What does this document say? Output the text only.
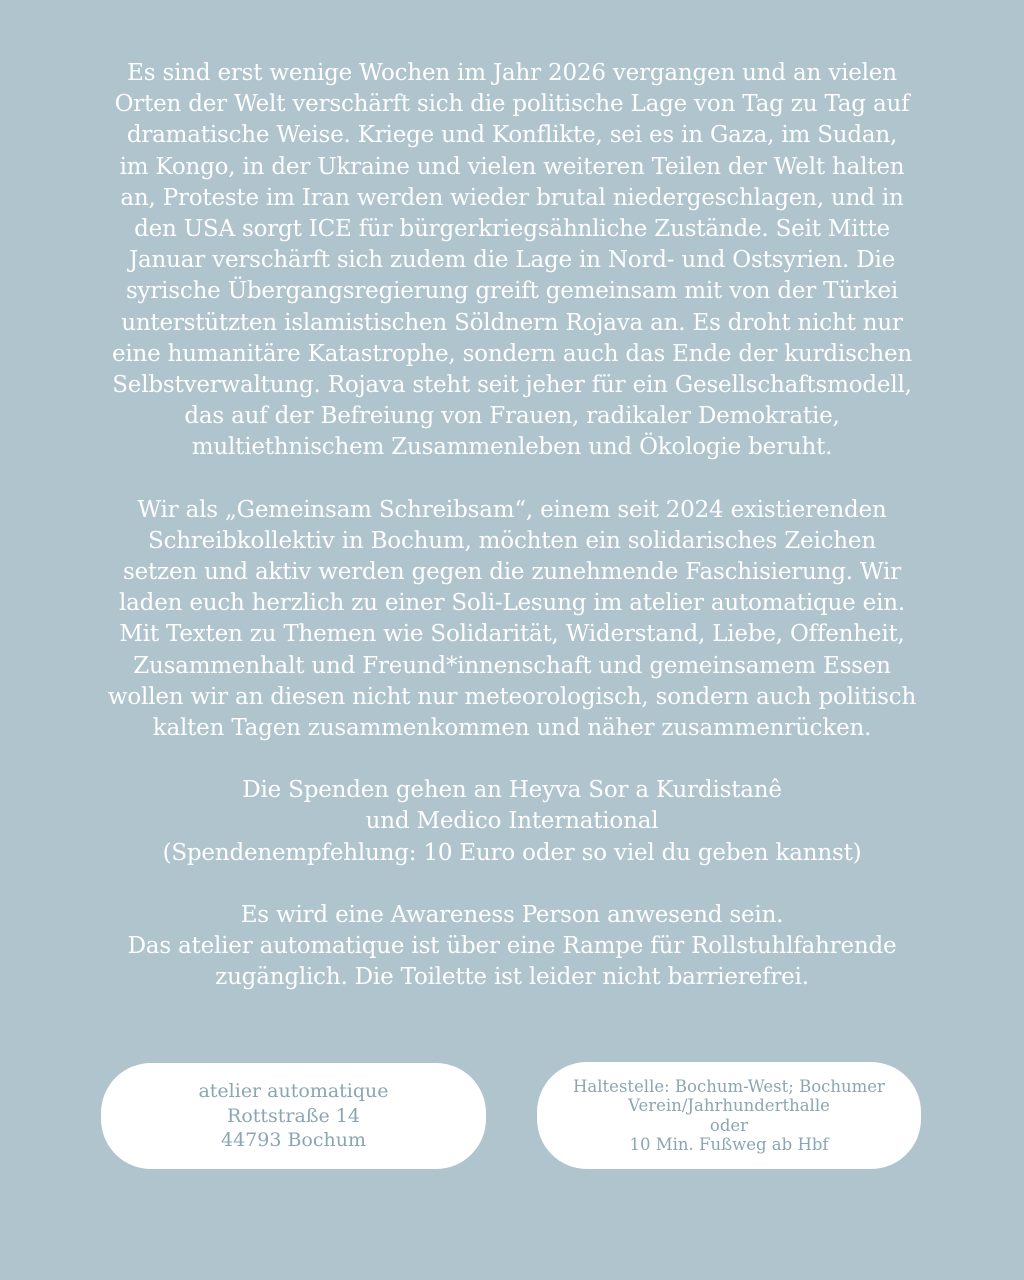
Es sind erst wenige Wochen im Jahr 2026 vergangen und an vielen
Orten der Welt verschärft sich die politische Lage von Tag zu Tag auf
dramatische Weise. Kriege und Konflikte, sei es in Gaza, im Sudan,
im Kongo, in der Ukraine und vielen weiteren Teilen der Welt halten
an, Proteste im Iran werden wieder brutal niedergeschlagen, und in
den USA sorgt ICE für bürgerkriegsähnliche Zustände. Seit Mitte
Januar verschärft sich zudem die Lage in Nord- und Ostsyrien. Die
syrische Übergangsregierung greift gemeinsam mit von der Türkei
unterstützten islamistischen Söldnern Rojava an. Es droht nicht nur
eine humanitäre Katastrophe, sondern auch das Ende der kurdischen
Selbstverwaltung. Rojava steht seit jeher für ein Gesellschaftsmodell,
das auf der Befreiung von Frauen, radikaler Demokratie,
multiethnischem Zusammenleben und Ökologie beruht.

Wir als „Gemeinsam Schreibsam“, einem seit 2024 existierenden
Schreibkollektiv in Bochum, möchten ein solidarisches Zeichen
setzen und aktiv werden gegen die zunehmende Faschisierung. Wir
laden euch herzlich zu einer Soli-Lesung im atelier automatique ein.
Mit Texten zu Themen wie Solidarität, Widerstand, Liebe, Offenheit,
Zusammenhalt und Freund*innenschaft und gemeinsamem Essen
wollen wir an diesen nicht nur meteorologisch, sondern auch politisch
kalten Tagen zusammenkommen und näher zusammenrücken.

Die Spenden gehen an Heyva Sor a Kurdistanê
und Medico International
(Spendenempfehlung: 10 Euro oder so viel du geben kannst)

Es wird eine Awareness Person anwesend sein.
Das atelier automatique ist über eine Rampe für Rollstuhlfahrende
zugänglich. Die Toilette ist leider nicht barrierefrei.

atelier automatique
Rottstraße 14
44793 Bochum
Haltestelle: Bochum-West; Bochumer
Verein/Jahrhunderthalle
oder
10 Min. Fußweg ab Hbf
